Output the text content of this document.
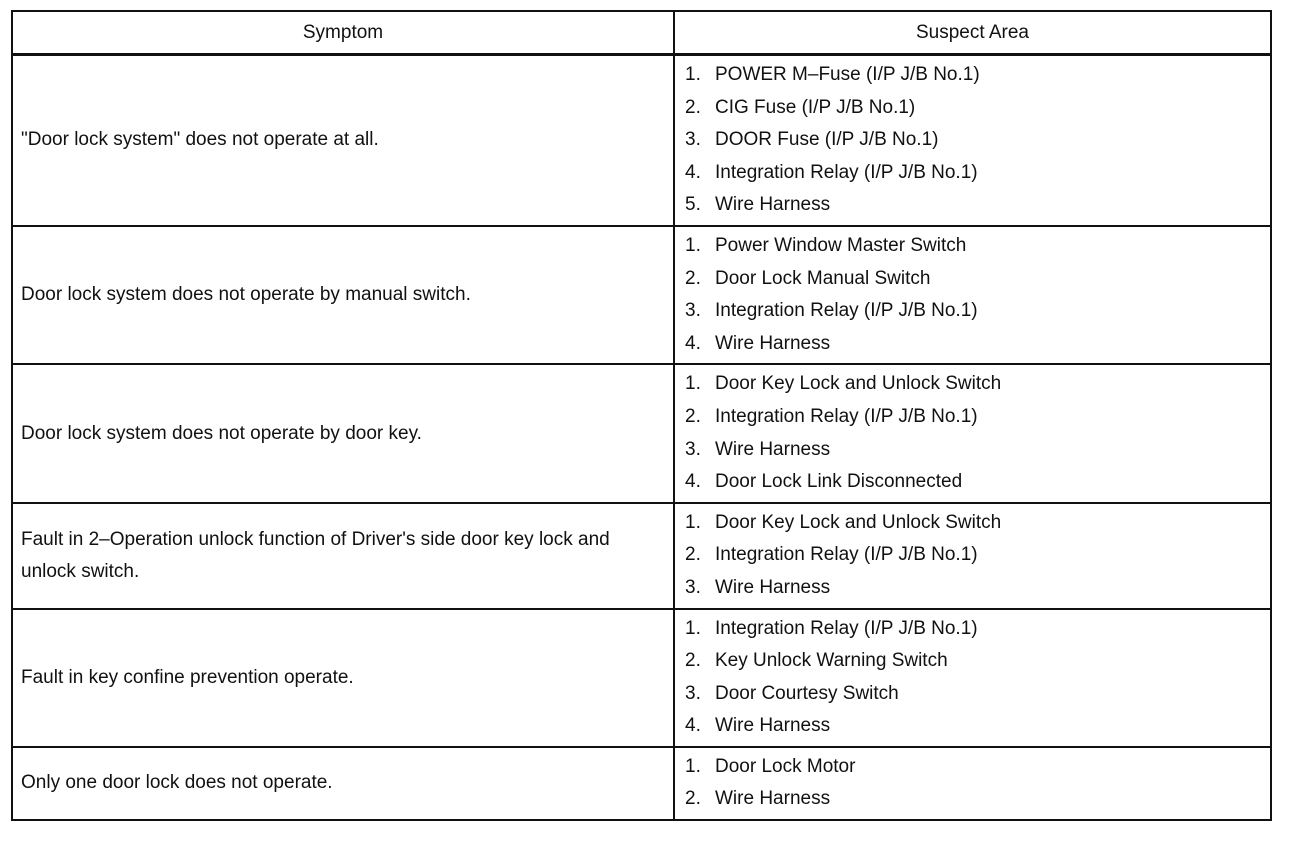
Symptom	Suspect Area
"Door lock system" does not operate at all.	1. POWER M–Fuse (I/P J/B No.1)
2. CIG Fuse (I/P J/B No.1)
3. DOOR Fuse (I/P J/B No.1)
4. Integration Relay (I/P J/B No.1)
5. Wire Harness

Door lock system does not operate by manual switch.	1. Power Window Master Switch
2. Door Lock Manual Switch
3. Integration Relay (I/P J/B No.1)
4. Wire Harness

Door lock system does not operate by door key.	1. Door Key Lock and Unlock Switch
2. Integration Relay (I/P J/B No.1)
3. Wire Harness
4. Door Lock Link Disconnected

Fault in 2–Operation unlock function of Driver's side door key lock and unlock switch.	1. Door Key Lock and Unlock Switch
2. Integration Relay (I/P J/B No.1)
3. Wire Harness

Fault in key confine prevention operate.	1. Integration Relay (I/P J/B No.1)
2. Key Unlock Warning Switch
3. Door Courtesy Switch
4. Wire Harness

Only one door lock does not operate.	1. Door Lock Motor
2. Wire Harness
